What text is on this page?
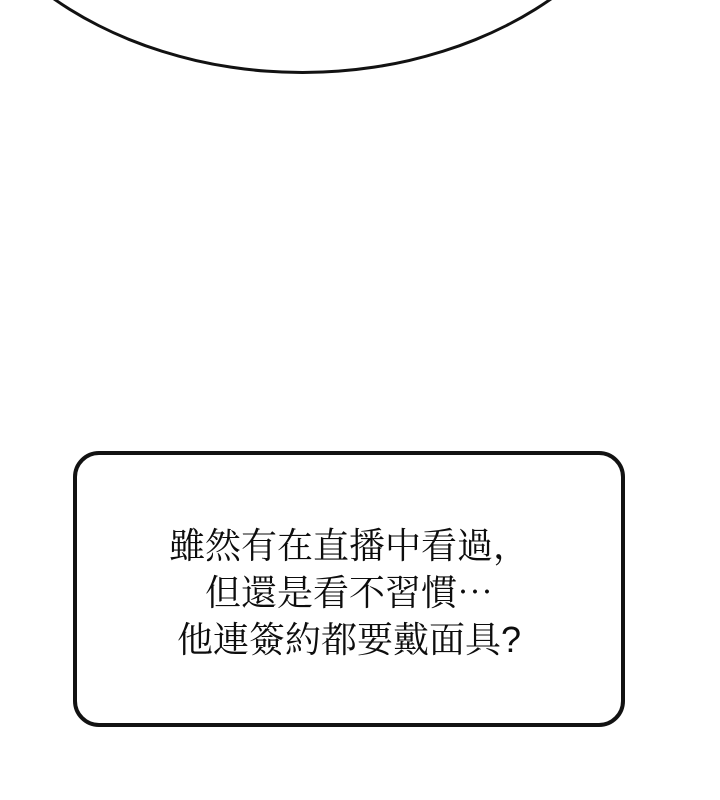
雖然有在直播中看過，
但還是看不習慣⋯
他連簽約都要戴面具?
